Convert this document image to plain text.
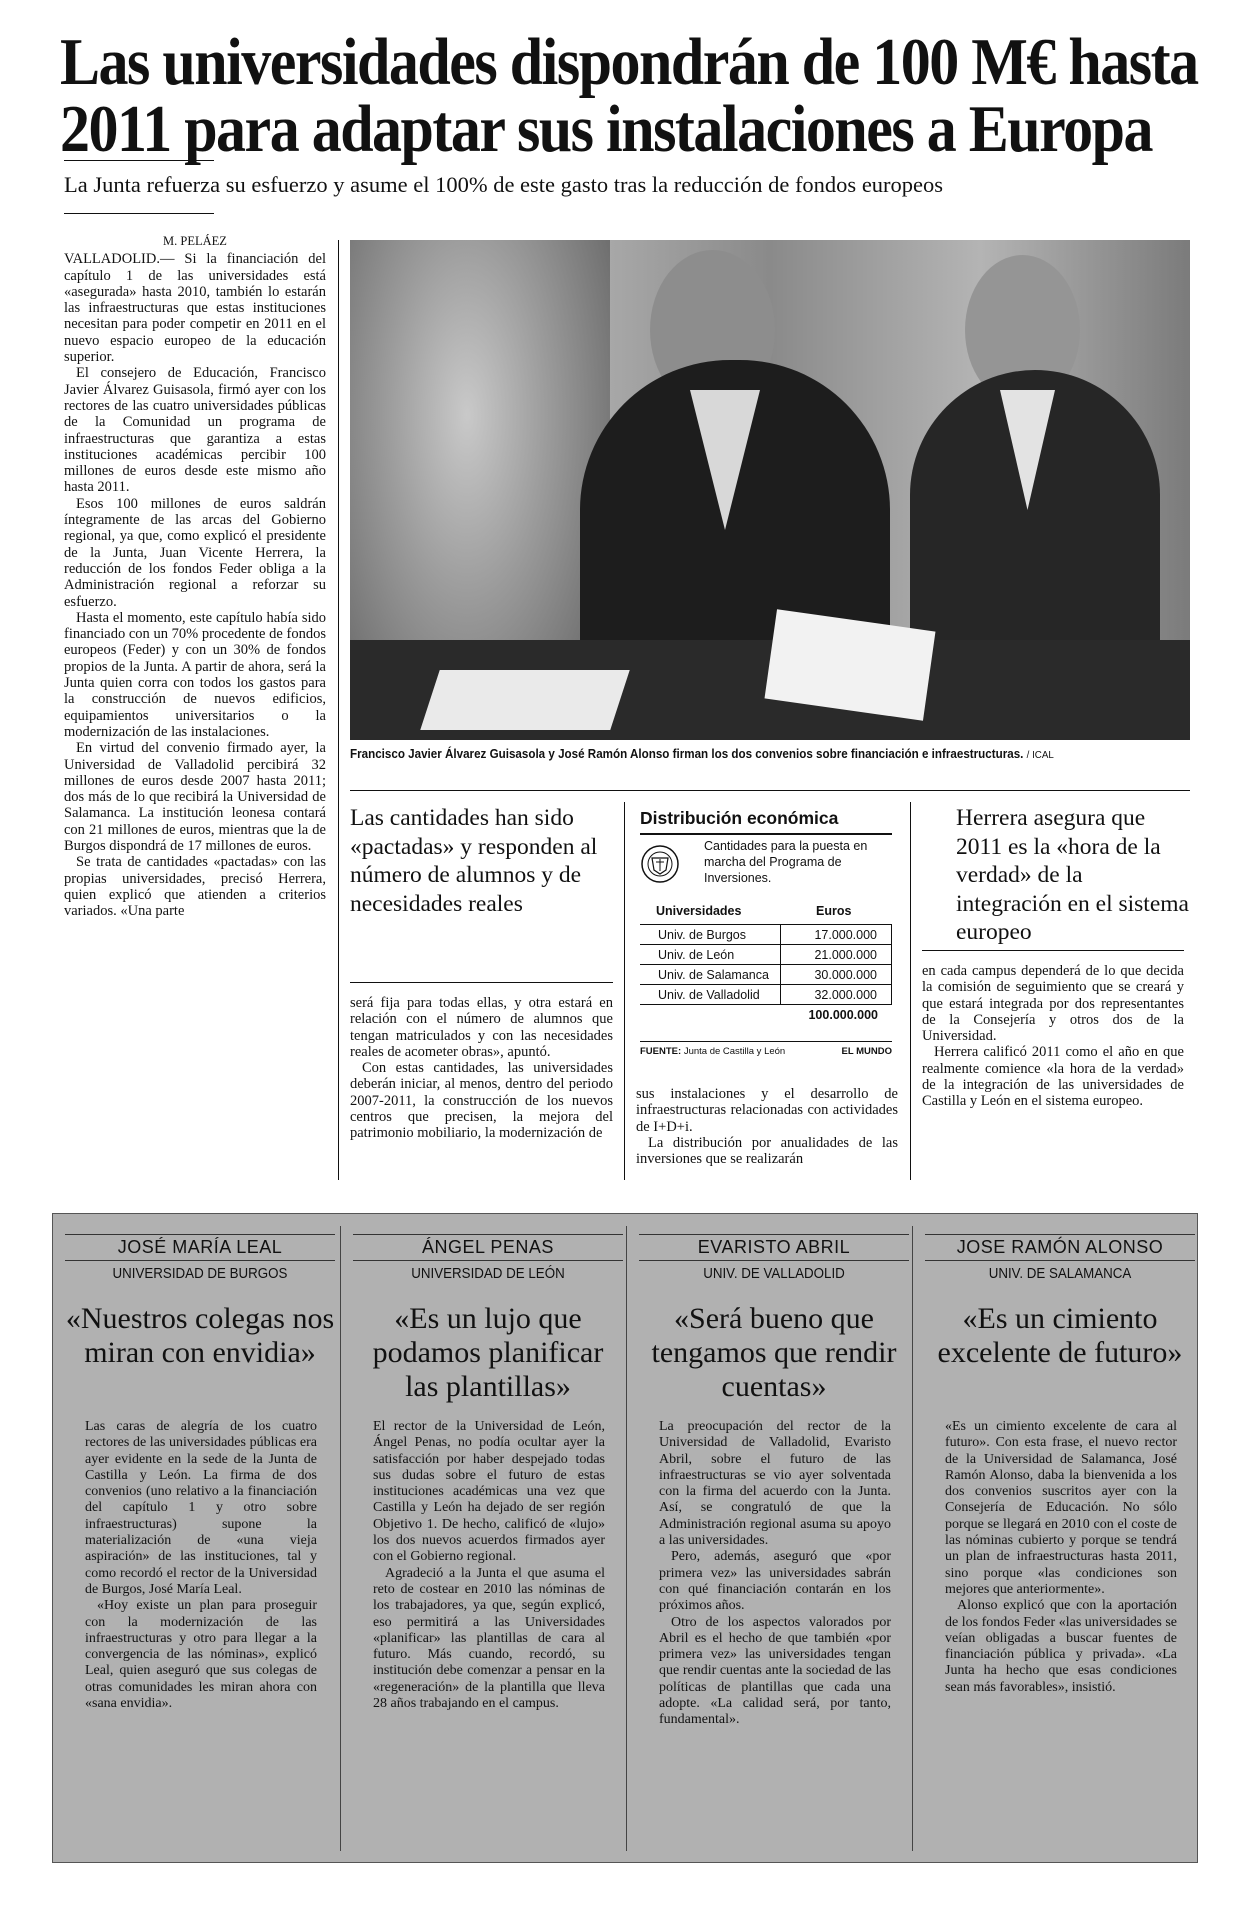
Las universidades dispondrán de 100 M€ hasta 2011 para adaptar sus instalaciones a Europa
La Junta refuerza su esfuerzo y asume el 100% de este gasto tras la reducción de fondos europeos
M. PELÁEZ

VALLADOLID.— Si la financiación del capítulo 1 de las universidades está «asegurada» hasta 2010, también lo estarán las infraestructuras que estas instituciones necesitan para poder competir en 2011 en el nuevo espacio europeo de la educación superior.

El consejero de Educación, Francisco Javier Álvarez Guisasola, firmó ayer con los rectores de las cuatro universidades públicas de la Comunidad un programa de infraestructuras que garantiza a estas instituciones académicas percibir 100 millones de euros desde este mismo año hasta 2011.

Esos 100 millones de euros saldrán íntegramente de las arcas del Gobierno regional, ya que, como explicó el presidente de la Junta, Juan Vicente Herrera, la reducción de los fondos Feder obliga a la Administración regional a reforzar su esfuerzo.

Hasta el momento, este capítulo había sido financiado con un 70% procedente de fondos europeos (Feder) y con un 30% de fondos propios de la Junta. A partir de ahora, será la Junta quien corra con todos los gastos para la construcción de nuevos edificios, equipamientos universitarios o la modernización de las instalaciones.

En virtud del convenio firmado ayer, la Universidad de Valladolid percibirá 32 millones de euros desde 2007 hasta 2011; dos más de lo que recibirá la Universidad de Salamanca. La institución leonesa contará con 21 millones de euros, mientras que la de Burgos dispondrá de 17 millones de euros.

Se trata de cantidades «pactadas» con las propias universidades, precisó Herrera, quien explicó que atienden a criterios variados. «Una parte

Francisco Javier Álvarez Guisasola y José Ramón Alonso firman los dos convenios sobre financiación e infraestructuras. / ICAL
Las cantidades han sido «pactadas» y responden al número de alumnos y de necesidades reales
Herrera asegura que 2011 es la «hora de la verdad» de la integración en el sistema europeo
Distribución económica
Cantidades para la puesta en marcha del Programa de Inversiones.
Universidades	Euros
Univ. de Burgos	17.000.000
Univ. de León	21.000.000
Univ. de Salamanca	30.000.000
Univ. de Valladolid	32.000.000
100.000.000
FUENTE: Junta de Castilla y León	EL MUNDO

será fija para todas ellas, y otra estará en relación con el número de alumnos que tengan matriculados y con las necesidades reales de acometer obras», apuntó.

Con estas cantidades, las universidades deberán iniciar, al menos, dentro del periodo 2007-2011, la construcción de los nuevos centros que precisen, la mejora del patrimonio mobiliario, la modernización de

sus instalaciones y el desarrollo de infraestructuras relacionadas con actividades de I+D+i.

La distribución por anualidades de las inversiones que se realizarán

en cada campus dependerá de lo que decida la comisión de seguimiento que se creará y que estará integrada por dos representantes de la Consejería y otros dos de la Universidad.

Herrera calificó 2011 como el año en que realmente comience «la hora de la verdad» de la integración de las universidades de Castilla y León en el sistema europeo.

JOSÉ MARÍA LEAL
UNIVERSIDAD DE BURGOS
«Nuestros colegas nos miran con envidia»

Las caras de alegría de los cuatro rectores de las universidades públicas era ayer evidente en la sede de la Junta de Castilla y León. La firma de dos convenios (uno relativo a la financiación del capítulo 1 y otro sobre infraestructuras) supone la materialización de «una vieja aspiración» de las instituciones, tal y como recordó el rector de la Universidad de Burgos, José María Leal.

«Hoy existe un plan para proseguir con la modernización de las infraestructuras y otro para llegar a la convergencia de las nóminas», explicó Leal, quien aseguró que sus colegas de otras comunidades les miran ahora con «sana envidia».

ÁNGEL PENAS
UNIVERSIDAD DE LEÓN
«Es un lujo que podamos planificar las plantillas»

El rector de la Universidad de León, Ángel Penas, no podía ocultar ayer la satisfacción por haber despejado todas sus dudas sobre el futuro de estas instituciones académicas una vez que Castilla y León ha dejado de ser región Objetivo 1. De hecho, calificó de «lujo» los dos nuevos acuerdos firmados ayer con el Gobierno regional.

Agradeció a la Junta el que asuma el reto de costear en 2010 las nóminas de los trabajadores, ya que, según explicó, eso permitirá a las Universidades «planificar» las plantillas de cara al futuro. Más cuando, recordó, su institución debe comenzar a pensar en la «regeneración» de la plantilla que lleva 28 años trabajando en el campus.

EVARISTO ABRIL
UNIV. DE VALLADOLID
«Será bueno que tengamos que rendir cuentas»

La preocupación del rector de la Universidad de Valladolid, Evaristo Abril, sobre el futuro de las infraestructuras se vio ayer solventada con la firma del acuerdo con la Junta. Así, se congratuló de que la Administración regional asuma su apoyo a las universidades.

Pero, además, aseguró que «por primera vez» las universidades sabrán con qué financiación contarán en los próximos años.

Otro de los aspectos valorados por Abril es el hecho de que también «por primera vez» las universidades tengan que rendir cuentas ante la sociedad de las políticas de plantillas que cada una adopte. «La calidad será, por tanto, fundamental».

JOSE RAMÓN ALONSO
UNIV. DE SALAMANCA
«Es un cimiento excelente de futuro»

«Es un cimiento excelente de cara al futuro». Con esta frase, el nuevo rector de la Universidad de Salamanca, José Ramón Alonso, daba la bienvenida a los dos convenios suscritos ayer con la Consejería de Educación. No sólo porque se llegará en 2010 con el coste de las nóminas cubierto y porque se tendrá un plan de infraestructuras hasta 2011, sino porque «las condiciones son mejores que anteriormente».

Alonso explicó que con la aportación de los fondos Feder «las universidades se veían obligadas a buscar fuentes de financiación pública y privada». «La Junta ha hecho que esas condiciones sean más favorables», insistió.
